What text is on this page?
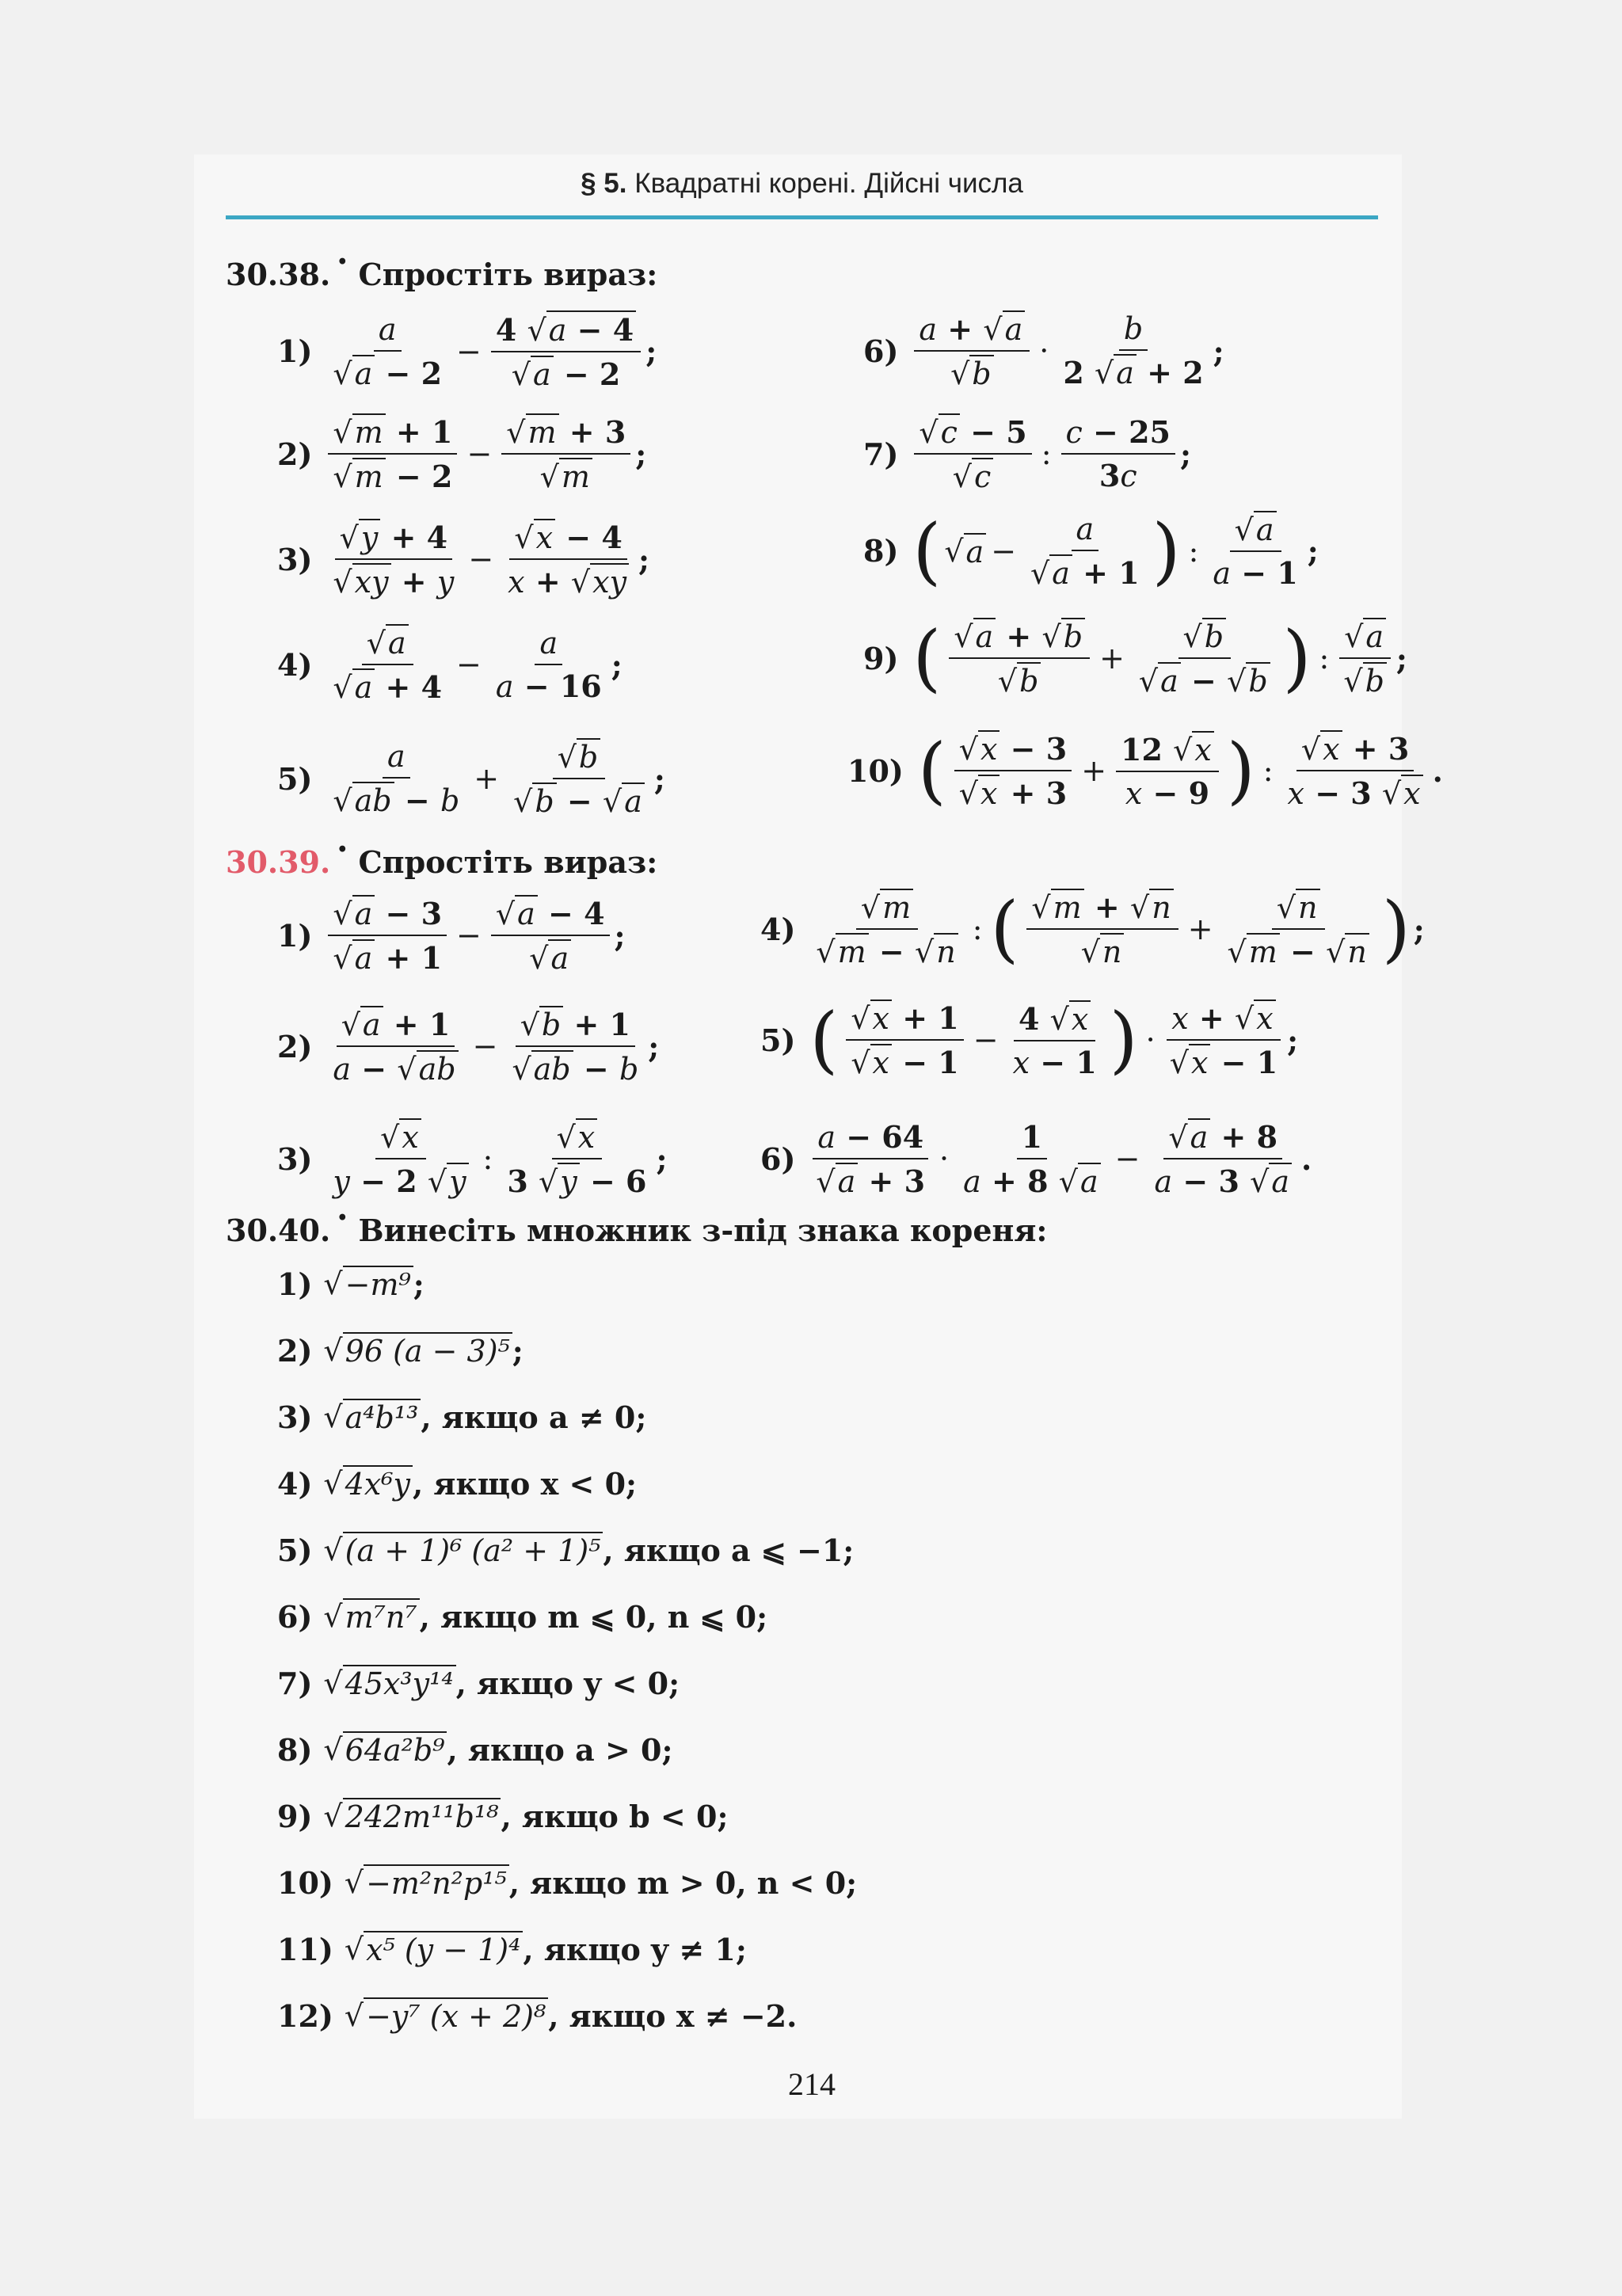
§ 5. Квадратні корені. Дійсні числа
30.38. • Спростіть вираз:
$1) \frac{a}{√a - 2} - \frac{4 √a - 4}{√a - 2}$ ;	$6) \frac{a + √a}{√b} \cdot \frac{b}{2 √a + 2}$ ;
$2) \frac{√m + 1}{√m - 2} - \frac{√m + 3}{√m}$ ;	$7) \frac{√c - 5}{√c}$ : $\frac{c - 25}{3c}$ ;
$3) \frac{√y + 4}{√xy + y} - \frac{√x - 4}{x + √xy}$ ;	8) ( √ $a - \frac{a}{√a + 1}$ ) : $\frac{√a}{a - 1}$ ;
$4) \frac{√a}{√a + 4} - \frac{a}{a - 16}$ ;	9) ( $\frac{√a + √b}{√b} + \frac{√b}{√a - √b}$ ) : $\frac{√a}{√b}$ ;
$5) \frac{a}{√ab - b} + \frac{√b}{√b - √a}$ ;	10) ( $\frac{√x - 3}{√x + 3} + \frac{12 √x}{x - 9}$ ) : $\frac{√x + 3}{x - 3 √x}$ .
30.39. • Спростіть вираз:
$1) \frac{√a - 3}{√a + 1} - \frac{√a - 4}{√a}$ ;	$4) \frac{√m}{√m - √n}$ : ( $\frac{√m + √n}{√n} + \frac{√n}{√m - √n}$ ) ;
$2) \frac{√a + 1}{a - √ab} - \frac{√b + 1}{√ab - b}$ ;	5) ( $\frac{√x + 1}{√x - 1} - \frac{4 √x}{x - 1}$ ) · $\frac{x + √x}{√x - 1}$ ;
$3) \frac{√x}{y - 2 √y}$ : $\frac{√x}{3 √y - 6}$ ;	$6) \frac{a - 64}{√a + 3} \cdot \frac{1}{a + 8 √a} - \frac{√a + 8}{a - 3 √a}$ .
30.40. • Винесіть множник з-під знака кореня:
1) √ −m⁹ ;
2) √ 96 (a − 3)⁵ ;
3) √ a⁴b¹³ , якщо a ≠ 0;
4) √ 4x⁶y , якщо x < 0;
5) √ (a + 1)⁶ (a² + 1)⁵ , якщо a ⩽ −1;
6) √ m⁷n⁷ , якщо m ⩽ 0, n ⩽ 0;
7) √ 45x³y¹⁴ , якщо y < 0;
8) √ 64a²b⁹ , якщо a > 0;
9) √ 242m¹¹b¹⁸ , якщо b < 0;
10) √ −m²n²p¹⁵ , якщо m > 0, n < 0;
11) √ x⁵ (y − 1)⁴ , якщо y ≠ 1;
12) √ −y⁷ (x + 2)⁸ , якщо x ≠ −2.
214
